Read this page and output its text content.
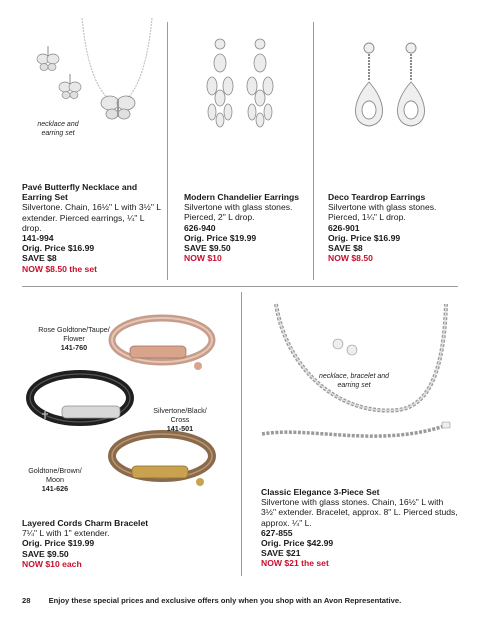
necklace and earring set
Pavé Butterfly Necklace and Earring Set
Silvertone. Chain, 16½" L with 3½" L extender. Pierced earrings, ¼" L drop.
141-994
Orig. Price $16.99
SAVE $8
NOW $8.50 the set
Modern Chandelier Earrings
Silvertone with glass stones. Pierced, 2" L drop.
626-940
Orig. Price $19.99
SAVE $9.50
NOW $10
Deco Teardrop Earrings
Silvertone with glass stones. Pierced, 1¼" L drop.
626-901
Orig. Price $16.99
SAVE $8
NOW $8.50
Rose Goldtone/Taupe/ Flower
141-760
Silvertone/Black/ Cross
141-501
Goldtone/Brown/ Moon
141-626
Layered Cords Charm Bracelet
7¼" L with 1" extender.
Orig. Price $19.99
SAVE $9.50
NOW $10 each
necklace, bracelet and earring set
Classic Elegance 3-Piece Set
Silvertone with glass stones. Chain, 16½" L with 3½" extender. Bracelet, approx. 8" L. Pierced studs, approx. ¼" L.
627-855
Orig. Price $42.99
SAVE $21
NOW $21 the set
28 Enjoy these special prices and exclusive offers only when you shop with an Avon Representative.
